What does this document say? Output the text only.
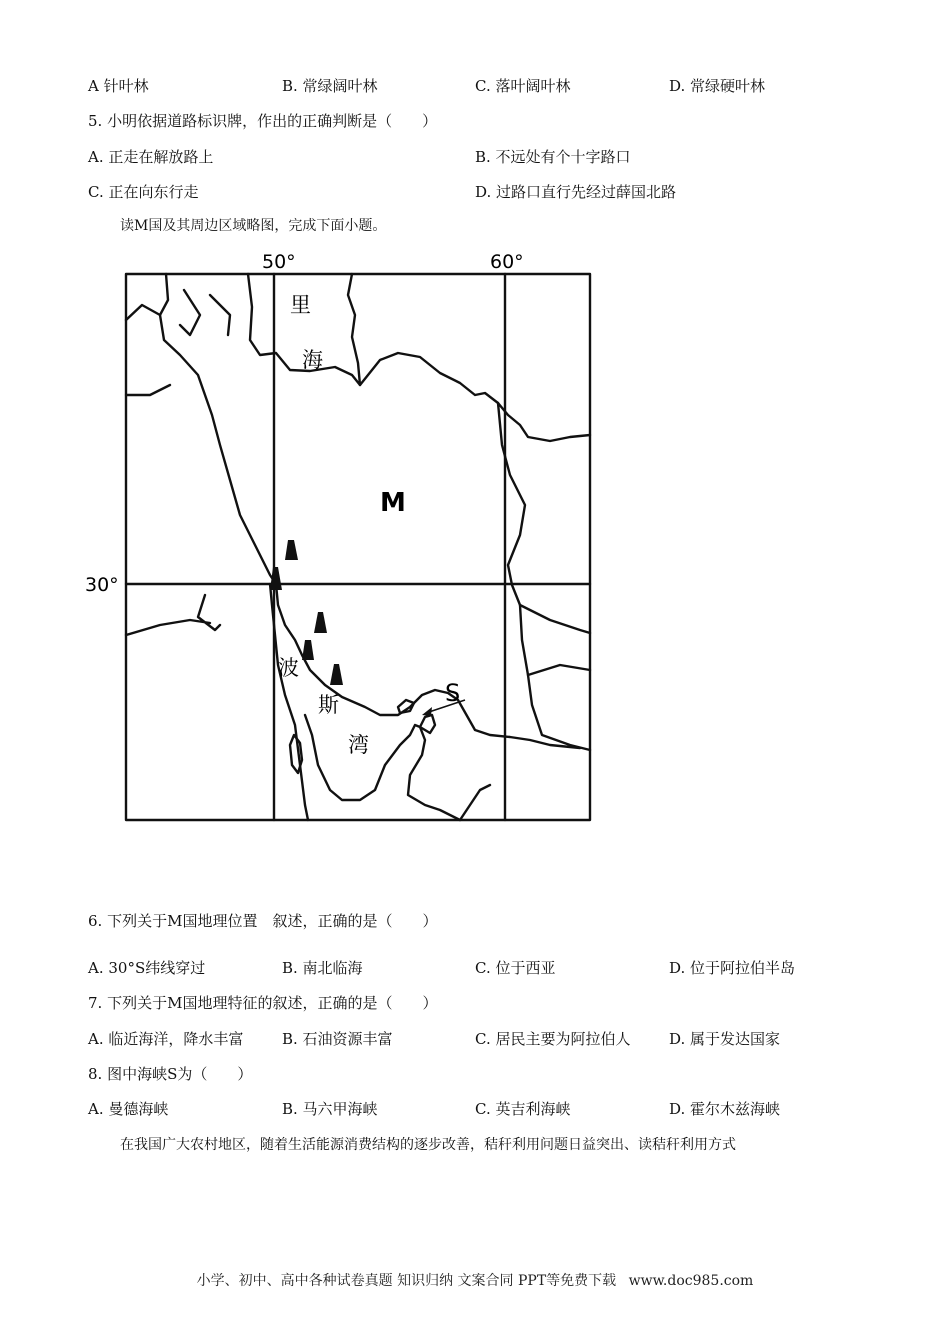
A 针叶林	B. 常绿阔叶林	C. 落叶阔叶林	D. 常绿硬叶林
5. 小明依据道路标识牌，作出的正确判断是（　　）
A. 正走在解放路上	B. 不远处有个十字路口
C. 正在向东行走	D. 过路口直行先经过薛国北路
读M国及其周边区域略图，完成下面小题。
50°	60°
30°
里
海
M
波
斯
湾
S
6. 下列关于M国地理位置　叙述，正确的是（　　）
A. 30°S纬线穿过	B. 南北临海	C. 位于西亚	D. 位于阿拉伯半岛
7. 下列关于M国地理特征的叙述，正确的是（　　）
A. 临近海洋，降水丰富	B. 石油资源丰富	C. 居民主要为阿拉伯人	D. 属于发达国家
8. 图中海峡S为（　　）
A. 曼德海峡	B. 马六甲海峡	C. 英吉利海峡	D. 霍尔木兹海峡
在我国广大农村地区，随着生活能源消费结构的逐步改善，秸秆利用问题日益突出、读秸秆利用方式
小学、初中、高中各种试卷真题 知识归纳 文案合同 PPT等免费下载 www.doc985.com
